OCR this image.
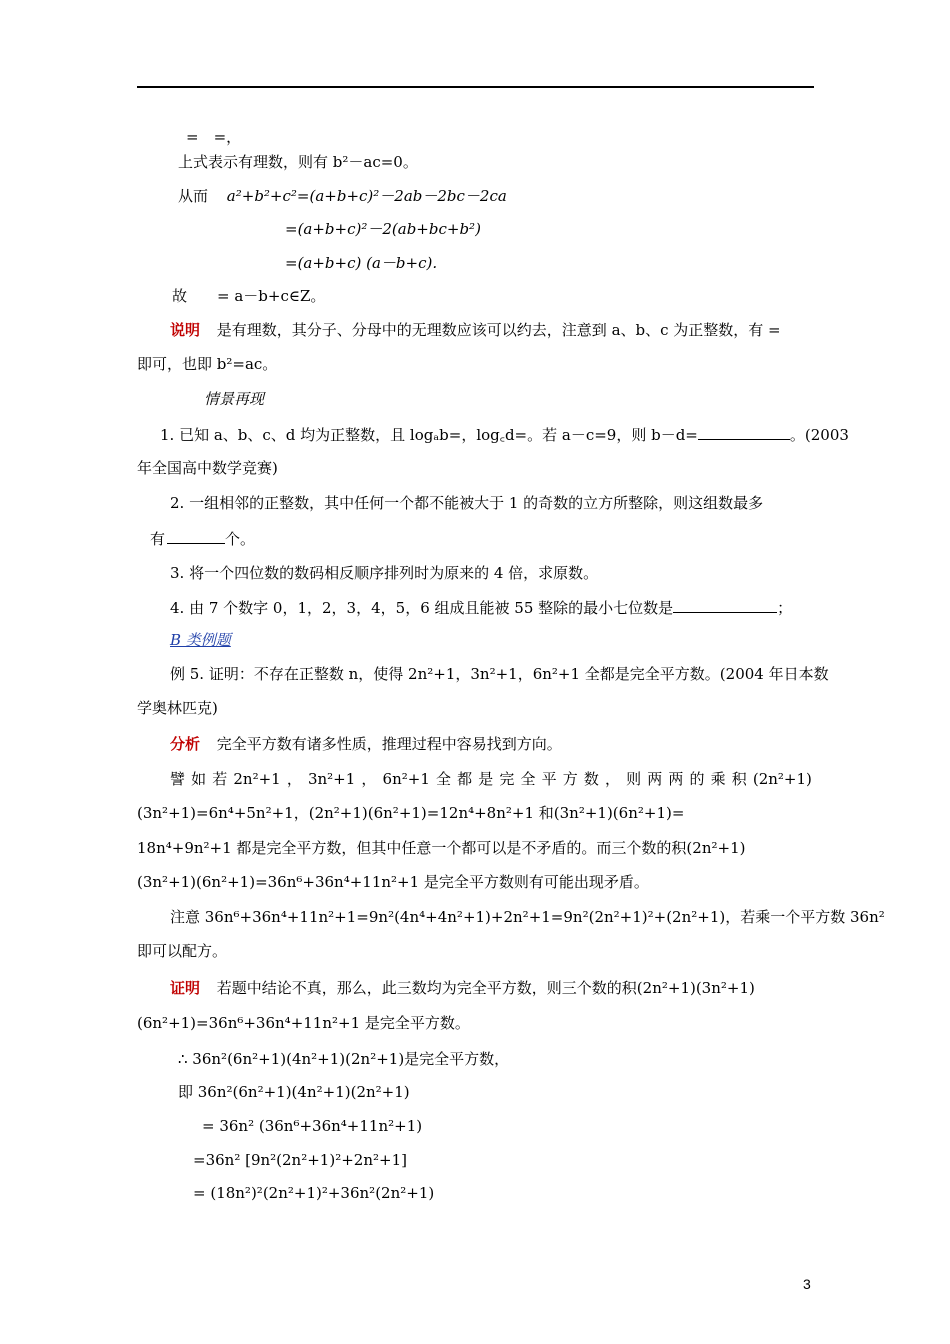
=　=，
上式表示有理数，则有 b²－ac=0。
从而 a²+b²+c²=(a+b+c)²－2ab－2bc－2ca
=(a+b+c)²－2(ab+bc+b²)
=(a+b+c) (a－b+c).
故　　= a－b+c∈Z。
说明 是有理数，其分子、分母中的无理数应该可以约去，注意到 a、b、c 为正整数，有 =
即可，也即 b²=ac。
情景再现
1. 已知 a、b、c、d 均为正整数，且 logₐb=，log꜀d=。若 a－c=9，则 b－d=	。(2003
年全国高中数学竞赛)
2. 一组相邻的正整数，其中任何一个都不能被大于 1 的奇数的立方所整除，则这组数最多
有	个。
3. 将一个四位数的数码相反顺序排列时为原来的 4 倍，求原数。
4. 由 7 个数字 0，1，2，3，4，5，6 组成且能被 55 整除的最小七位数是	；
B 类例题
例 5. 证明：不存在正整数 n，使得 2n²+1，3n²+1，6n²+1 全都是完全平方数。(2004 年日本数
学奥林匹克)
分析 完全平方数有诸多性质，推理过程中容易找到方向。
譬 如 若 2n²+1 ， 3n²+1 ， 6n²+1 全 都 是 完 全 平 方 数 ， 则 两 两 的 乘 积 (2n²+1)
(3n²+1)=6n⁴+5n²+1，(2n²+1)(6n²+1)=12n⁴+8n²+1 和(3n²+1)(6n²+1)=
18n⁴+9n²+1 都是完全平方数，但其中任意一个都可以是不矛盾的。而三个数的积(2n²+1)
(3n²+1)(6n²+1)=36n⁶+36n⁴+11n²+1 是完全平方数则有可能出现矛盾。
注意 36n⁶+36n⁴+11n²+1=9n²(4n⁴+4n²+1)+2n²+1=9n²(2n²+1)²+(2n²+1)，若乘一个平方数 36n²
即可以配方。
证明 若题中结论不真，那么，此三数均为完全平方数，则三个数的积(2n²+1)(3n²+1)
(6n²+1)=36n⁶+36n⁴+11n²+1 是完全平方数。
∴ 36n²(6n²+1)(4n²+1)(2n²+1)是完全平方数，
即 36n²(6n²+1)(4n²+1)(2n²+1)
= 36n² (36n⁶+36n⁴+11n²+1)
=36n² [9n²(2n²+1)²+2n²+1]
= (18n²)²(2n²+1)²+36n²(2n²+1)
3
